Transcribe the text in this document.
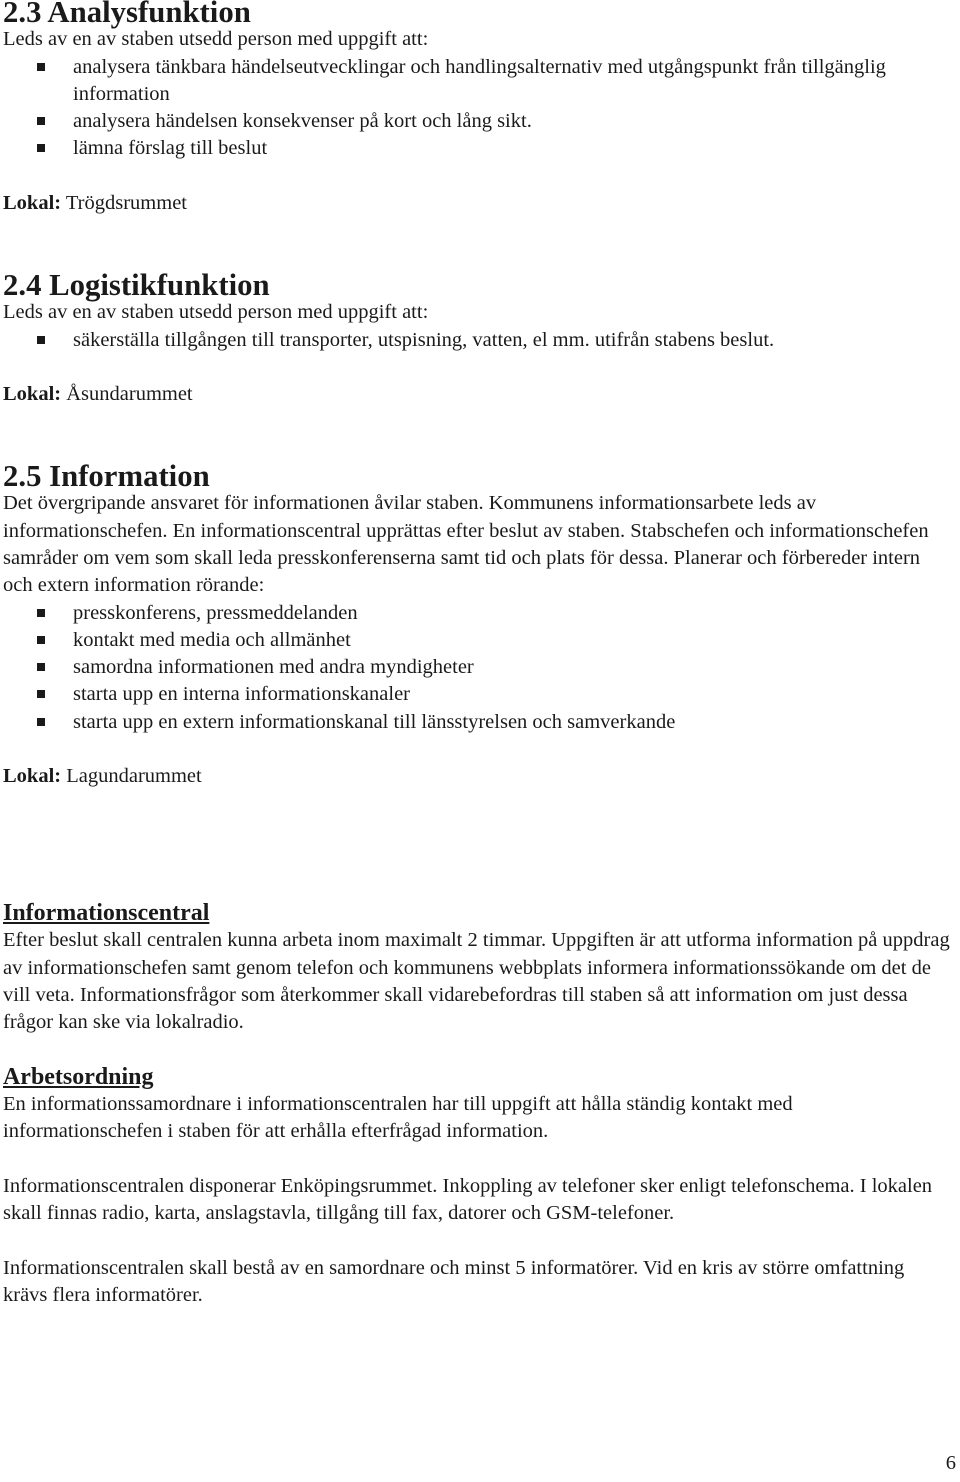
2.3 Analysfunktion

Leds av en av staben utsedd person med uppgift att:

analysera tänkbara händelseutvecklingar och handlingsalternativ med utgångspunkt från tillgänglig information
analysera händelsen konsekvenser på kort och lång sikt.
lämna förslag till beslut

Lokal: Trögdsrummet

2.4 Logistikfunktion

Leds av en av staben utsedd person med uppgift att:

säkerställa tillgången till transporter, utspisning, vatten, el mm. utifrån stabens beslut.

Lokal: Åsundarummet

2.5 Information

Det övergripande ansvaret för informationen åvilar staben. Kommunens informationsarbete leds av informationschefen. En informationscentral upprättas efter beslut av staben. Stabschefen och informationschefen samråder om vem som skall leda presskonferenserna samt tid och plats för dessa. Planerar och förbereder intern och extern information rörande:

presskonferens, pressmeddelanden
kontakt med media och allmänhet
samordna informationen med andra myndigheter
starta upp en interna informationskanaler
starta upp en extern informationskanal till länsstyrelsen och samverkande

Lokal: Lagundarummet

Informationscentral

Efter beslut skall centralen kunna arbeta inom maximalt 2 timmar. Uppgiften är att utforma information på uppdrag av informationschefen samt genom telefon och kommunens webbplats informera informationssökande om det de vill veta. Informationsfrågor som återkommer skall vidarebefordras till staben så att information om just dessa frågor kan ske via lokalradio.

Arbetsordning

En informationssamordnare i informationscentralen har till uppgift att hålla ständig kontakt med informationschefen i staben för att erhålla efterfrågad information.

Informationscentralen disponerar Enköpingsrummet. Inkoppling av telefoner sker enligt telefonschema. I lokalen skall finnas radio, karta, anslagstavla, tillgång till fax, datorer och GSM-telefoner.

Informationscentralen skall bestå av en samordnare och minst 5 informatörer. Vid en kris av större omfattning krävs flera informatörer.

6
